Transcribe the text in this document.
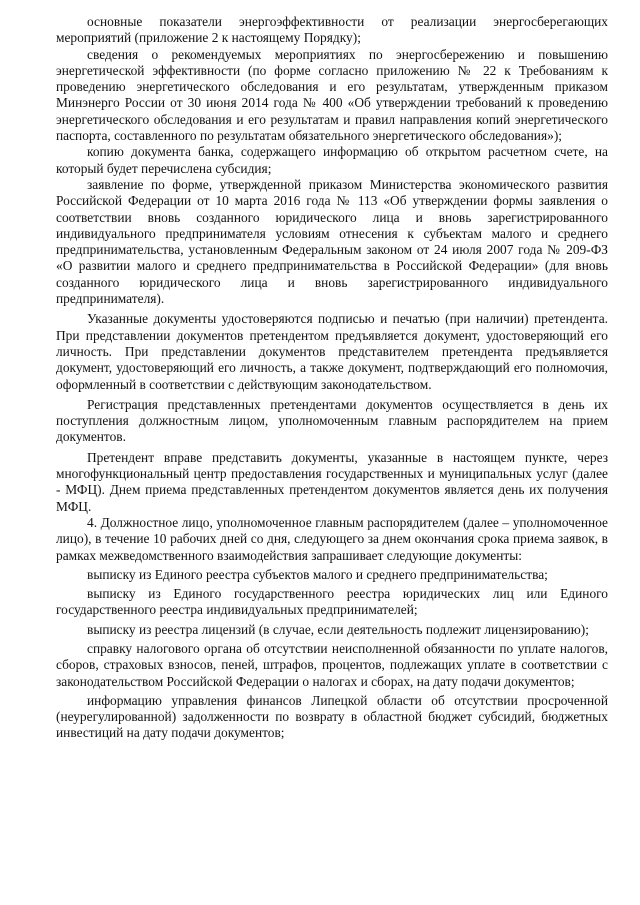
основные показатели энергоэффективности от реализации энергосберегающих мероприятий (приложение 2 к настоящему Порядку);

сведения о рекомендуемых мероприятиях по энергосбережению и повышению энергетической эффективности (по форме согласно приложению № 22 к Требованиям к проведению энергетического обследования и его результатам, утвержденным приказом Минэнерго России от 30 июня 2014 года № 400 «Об утверждении требований к проведению энергетического обследования и его результатам и правил направления копий энергетического паспорта, составленного по результатам обязательного энергетического обследования»);

копию документа банка, содержащего информацию об открытом расчетном счете, на который будет перечислена субсидия;

заявление по форме, утвержденной приказом Министерства экономического развития Российской Федерации от 10 марта 2016 года № 113 «Об утверждении формы заявления о соответствии вновь созданного юридического лица и вновь зарегистрированного индивидуального предпринимателя условиям отнесения к субъектам малого и среднего предпринимательства, установленным Федеральным законом от 24 июля 2007 года № 209-ФЗ «О развитии малого и среднего предпринимательства в Российской Федерации» (для вновь созданного юридического лица и вновь зарегистрированного индивидуального предпринимателя).

Указанные документы удостоверяются подписью и печатью (при наличии) претендента. При представлении документов претендентом предъявляется документ, удостоверяющий его личность. При представлении документов представителем претендента предъявляется документ, удостоверяющий его личность, а также документ, подтверждающий его полномочия, оформленный в соответствии с действующим законодательством.

Регистрация представленных претендентами документов осуществляется в день их поступления должностным лицом, уполномоченным главным распорядителем на прием документов.

Претендент вправе представить документы, указанные в настоящем пункте, через многофункциональный центр предоставления государственных и муниципальных услуг (далее - МФЦ). Днем приема представленных претендентом документов является день их получения МФЦ.

4. Должностное лицо, уполномоченное главным распорядителем (далее – уполномоченное лицо), в течение 10 рабочих дней со дня, следующего за днем окончания срока приема заявок, в рамках межведомственного взаимодействия запрашивает следующие документы:

выписку из Единого реестра субъектов малого и среднего предпринимательства;

выписку из Единого государственного реестра юридических лиц или Единого государственного реестра индивидуальных предпринимателей;

выписку из реестра лицензий (в случае, если деятельность подлежит лицензированию);

справку налогового органа об отсутствии неисполненной обязанности по уплате налогов, сборов, страховых взносов, пеней, штрафов, процентов, подлежащих уплате в соответствии с законодательством Российской Федерации о налогах и сборах, на дату подачи документов;

информацию управления финансов Липецкой области об отсутствии просроченной (неурегулированной) задолженности по возврату в областной бюджет субсидий, бюджетных инвестиций на дату подачи документов;
